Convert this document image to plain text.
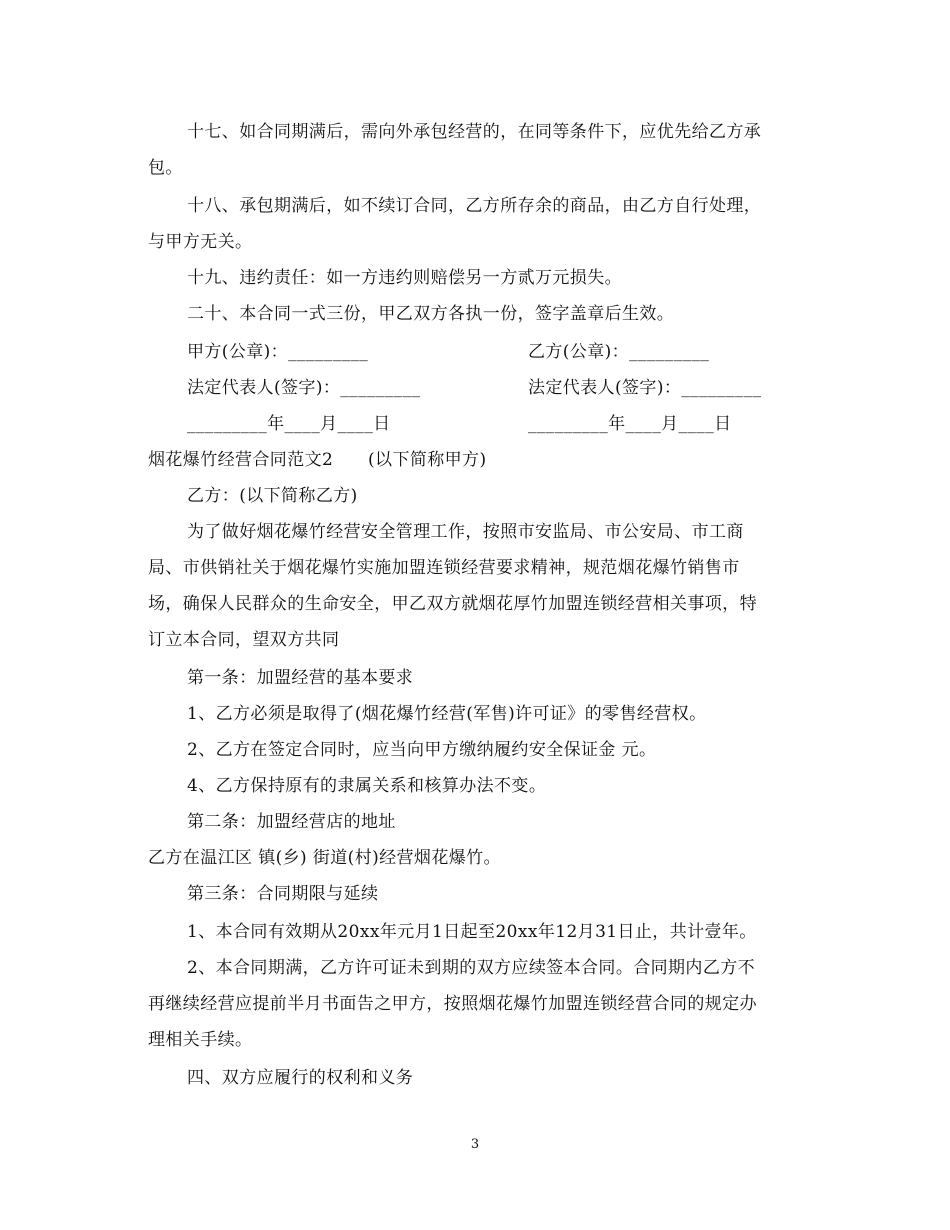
十七、如合同期满后，需向外承包经营的，在同等条件下，应优先给乙方承
包。
十八、承包期满后，如不续订合同，乙方所存余的商品，由乙方自行处理，
与甲方无关。
十九、违约责任：如一方违约则赔偿另一方贰万元损失。
二十、本合同一式三份，甲乙双方各执一份，签字盖章后生效。
甲方(公章)：_________	乙方(公章)：_________
法定代表人(签字)：_________	法定代表人(签字)：_________
_________年____月____日	_________年____月____日
烟花爆竹经营合同范文2　　(以下简称甲方)
乙方：(以下简称乙方)
为了做好烟花爆竹经营安全管理工作，按照市安监局、市公安局、市工商
局、市供销社关于烟花爆竹实施加盟连锁经营要求精神，规范烟花爆竹销售市
场，确保人民群众的生命安全，甲乙双方就烟花厚竹加盟连锁经营相关事项，特
订立本合同，望双方共同
第一条：加盟经营的基本要求
1、乙方必须是取得了(烟花爆竹经营(军售)许可证》的零售经营权。
2、乙方在签定合同时，应当向甲方缴纳履约安全保证金 元。
4、乙方保持原有的隶属关系和核算办法不变。
第二条：加盟经营店的地址
乙方在温江区 镇(乡) 街道(村)经营烟花爆竹。
第三条：合同期限与延续
1、本合同有效期从20xx年元月1日起至20xx年12月31日止，共计壹年。
2、本合同期满，乙方许可证未到期的双方应续签本合同。合同期内乙方不
再继续经营应提前半月书面告之甲方，按照烟花爆竹加盟连锁经营合同的规定办
理相关手续。
四、双方应履行的权利和义务
3
